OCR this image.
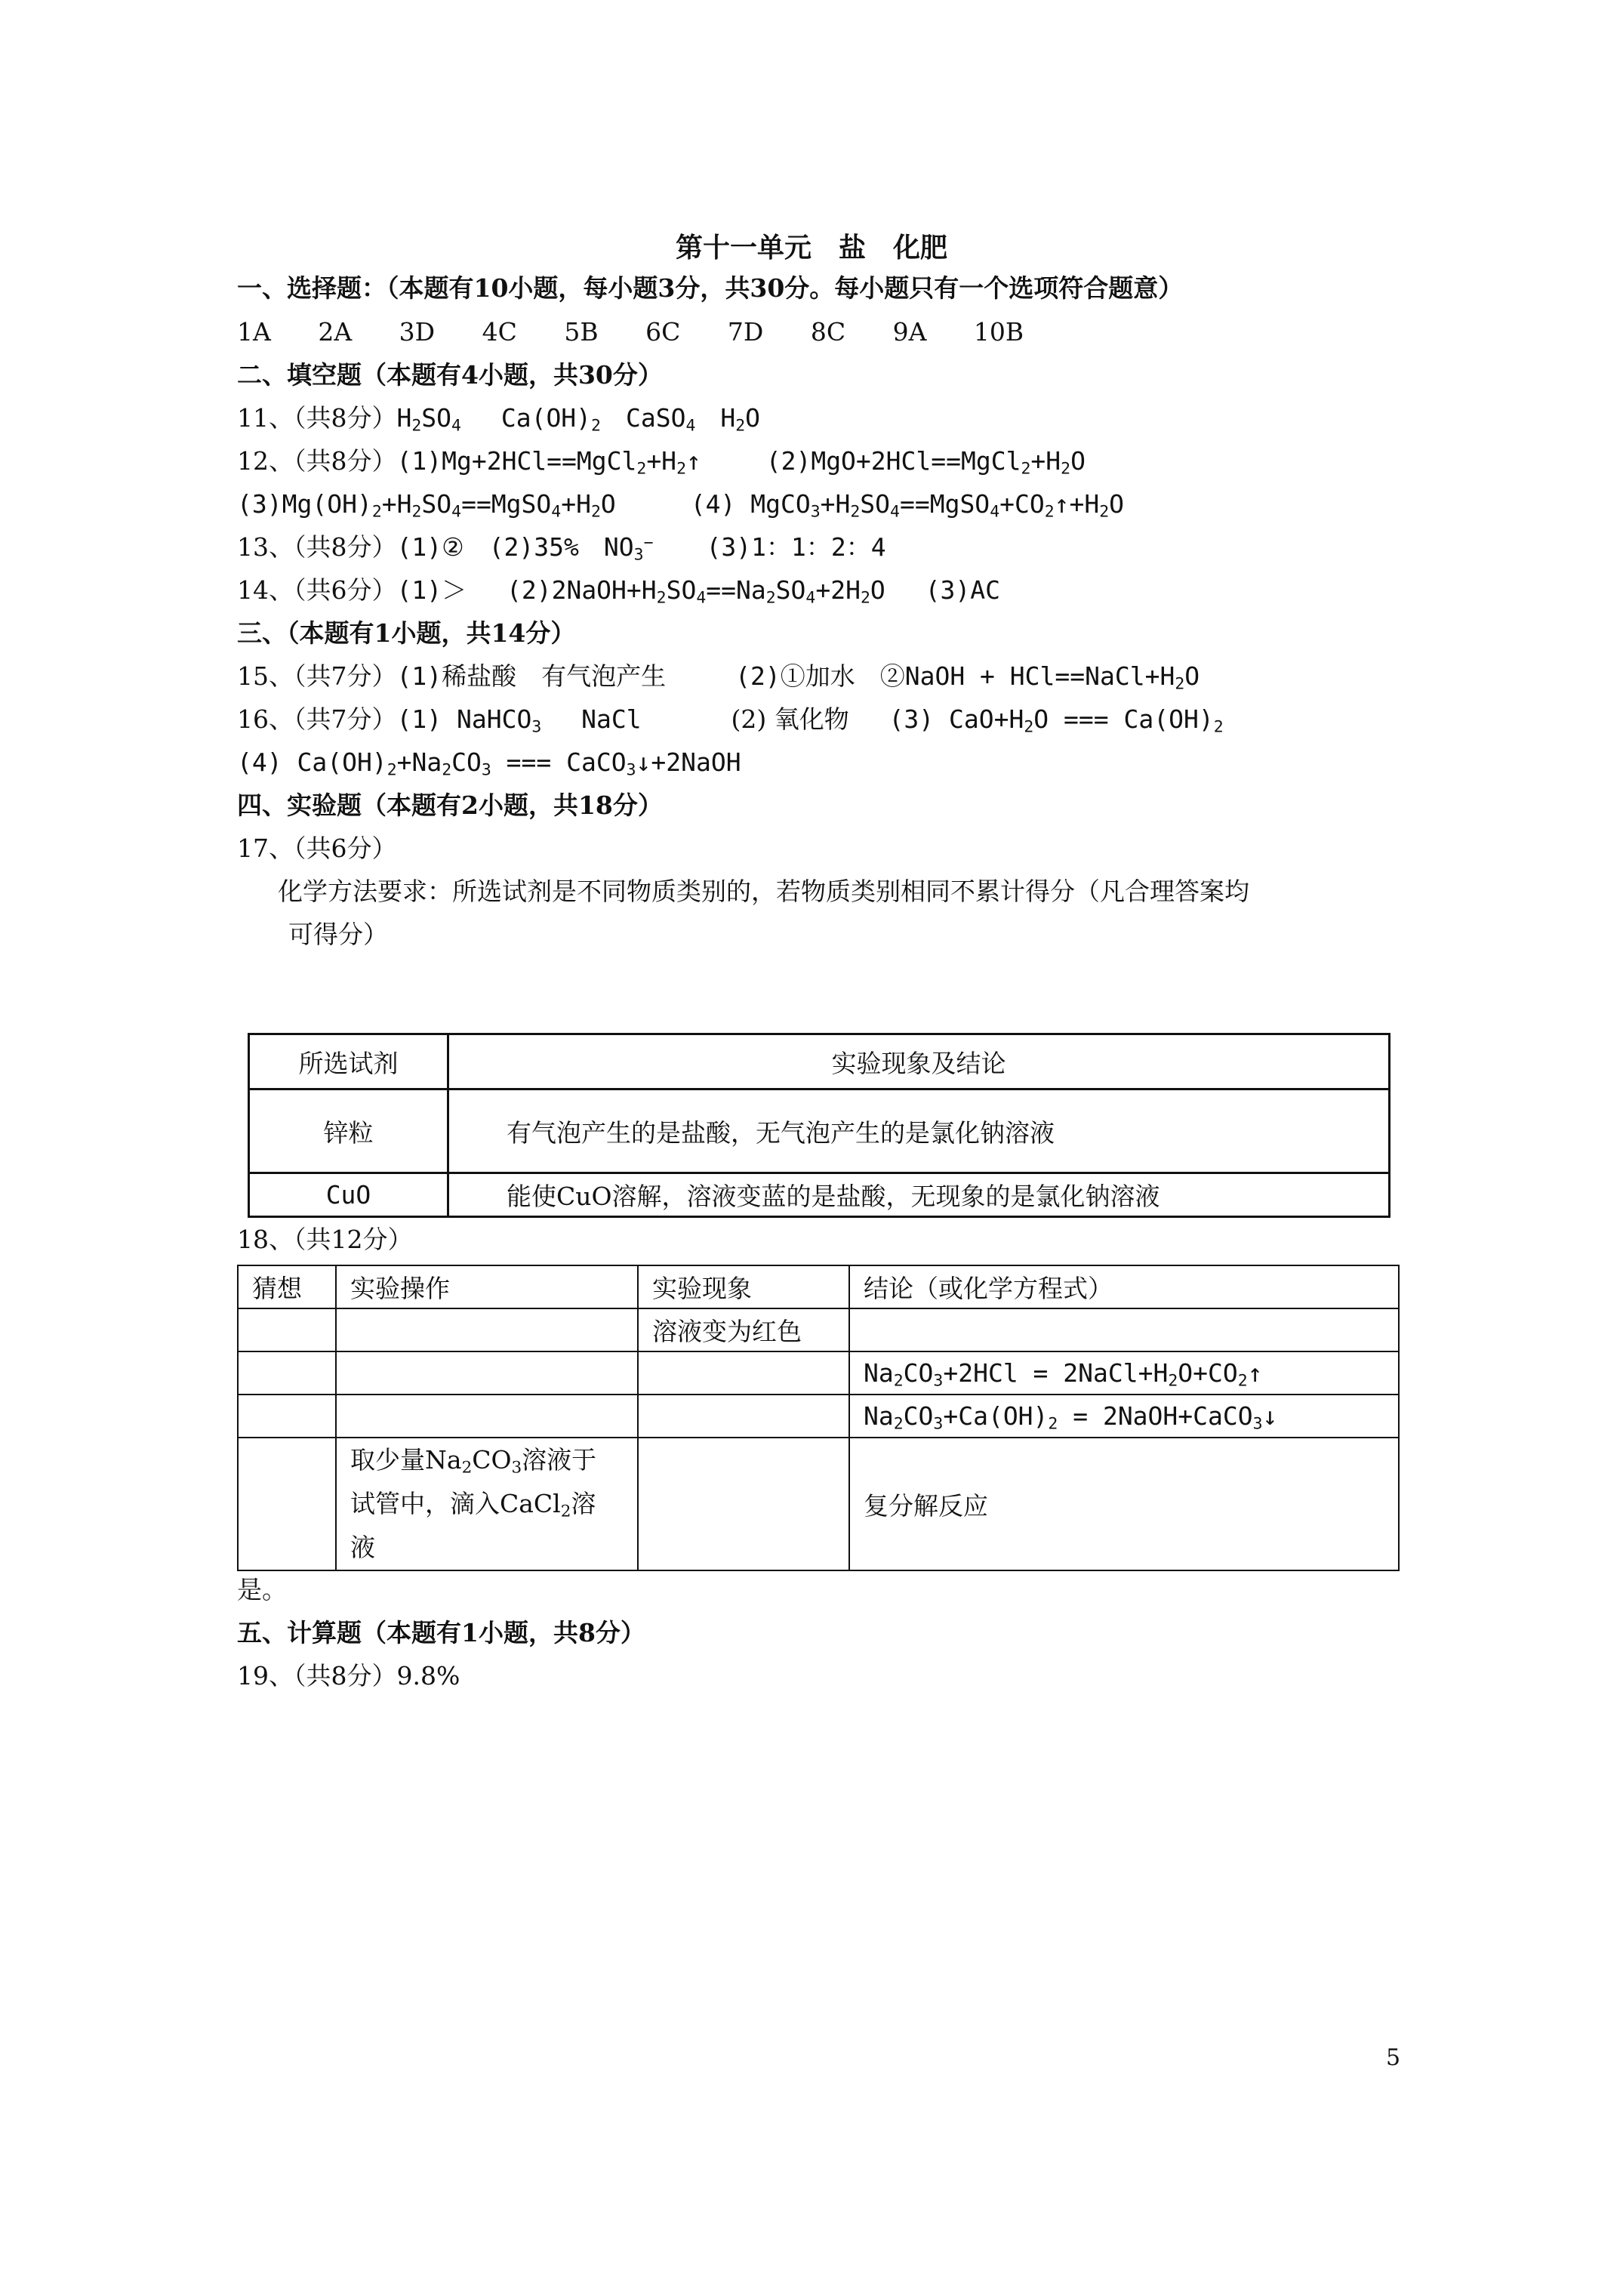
第十一单元　盐　化肥
一、选择题：（本题有10小题，每小题3分，共30分。每小题只有一个选项符合题意）
1A 2A 3D 4C 5B 6C 7D 8C 9A 10B
二、填空题（本题有4小题，共30分）
11、（共8分）$H_2SO_4$　 $Ca(OH)_2$　CaSO$_4$　$H_2O$
12、（共8分）$(1)Mg+2HCl==MgCl_2+H_2↑$　　 $(2)MgO+2HCl==MgCl_2+H_2O$
$(3)Mg(OH)_2+H_2SO_4==MgSO_4+H_2O$　　　(4) $MgCO_3+H_2SO_4==MgSO_4+CO_2↑+H_2O$
13、（共8分）(1)②　(2)35%　$NO_3^-$ (3)1：1：2：4
14、（共6分）(1)＞　 $(2)2NaOH+H_2SO_4==Na_2SO_4+2H_2O$　 (3)AC
三、（本题有1小题，共14分）
15、（共7分）(1)稀盐酸　有气泡产生	(2)①加水　②NaOH + $HCl==NaCl+H_2O$
16、（共7分）(1) NaHCO$_3$　 NaCl　　　 (2) 氧化物　 (3) $CaO+H_2O$ === $Ca(OH)_2$
(4) $Ca(OH)_2+Na_2CO_3$ === CaCO$_3$↓+2NaOH
四、实验题（本题有2小题，共18分）
17、（共6分）
化学方法要求：所选试剂是不同物质类别的，若物质类别相同不累计得分（凡合理答案均
可得分）
所选试剂	实验现象及结论
锌粒	有气泡产生的是盐酸，无气泡产生的是氯化钠溶液
CuO	能使CuO溶解，溶液变蓝的是盐酸，无现象的是氯化钠溶液
18、（共12分）
猜想	实验操作	实验现象	结论（或化学方程式）
		溶液变为红色	
			$Na_2CO_3+2HCl$ = $2NaCl+H_2O+CO_2↑$
			$Na_2CO_3+Ca(OH)_2$ = 2NaOH+CaCO$_3$↓
	取少量$Na_2CO_3$溶液于
试管中，滴入CaCl$_2$溶
液		复分解反应
是。
五、计算题（本题有1小题，共8分）
19、（共8分）9.8%
5
